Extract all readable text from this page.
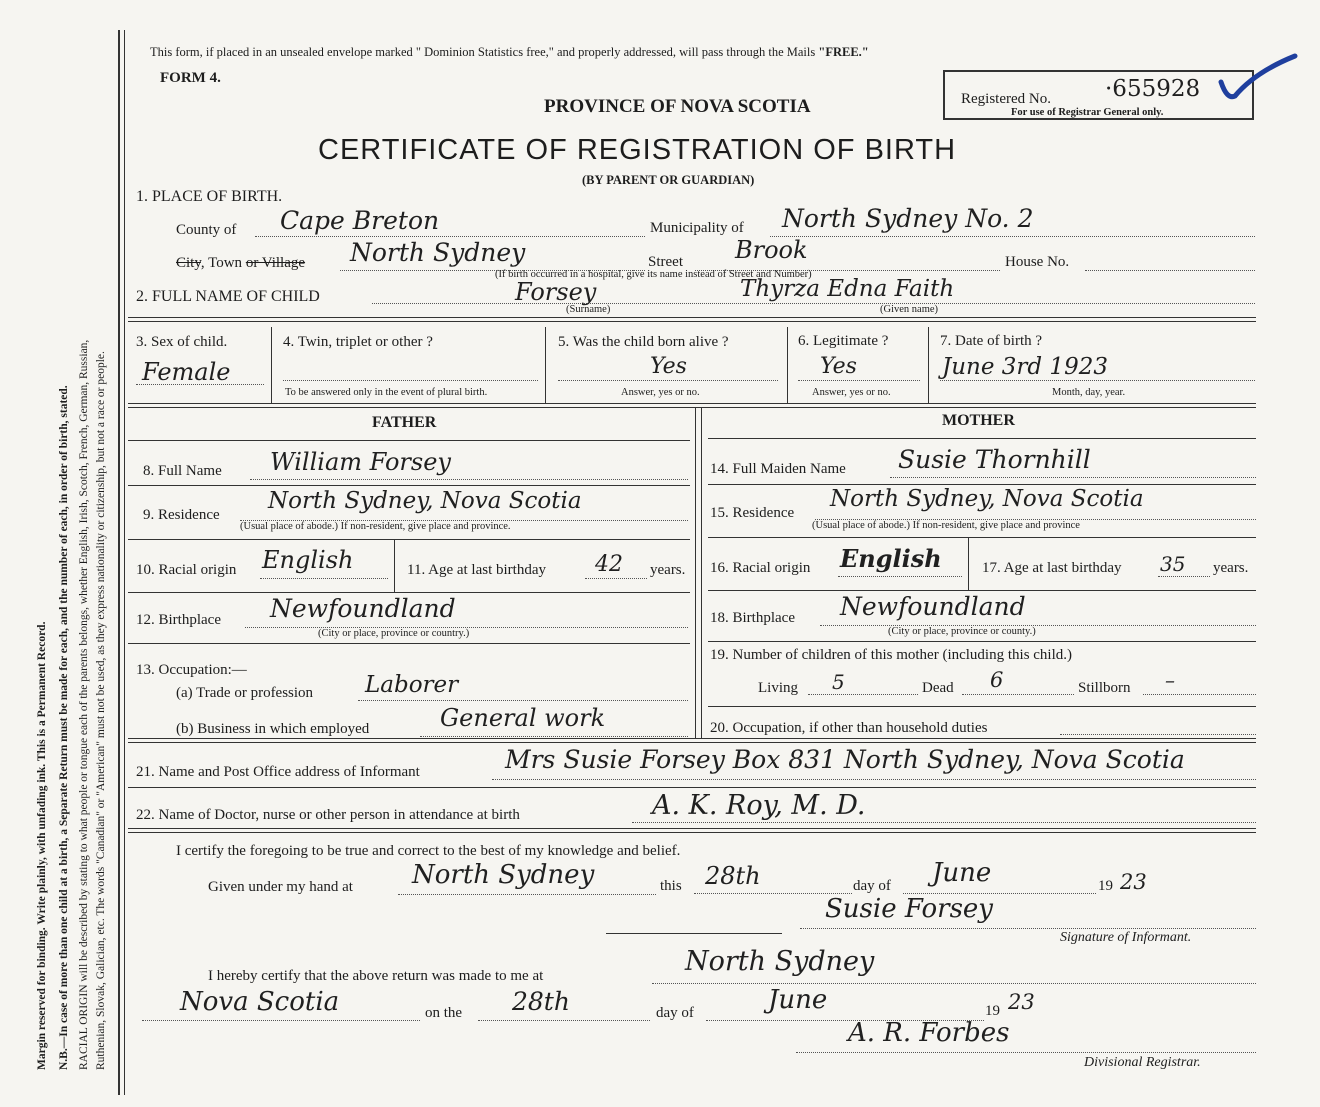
Margin reserved for binding. Write plainly, with unfading ink. This is a Permanent Record. N.B.—In case of more than one child at a birth, a Separate Return must be made for each, and the number of each, in order of birth, stated. RACIAL ORIGIN will be described by stating to what people or tongue each of the parents belongs, whether English, Irish, Scotch, French, German, Russian, Ruthenian, Slovak, Galician, etc. The words "Canadian" or "American" must not be used, as they express nationality or citizenship, but not a race or people.
This form, if placed in an unsealed envelope marked " Dominion Statistics free," and properly addressed, will pass through the Mails "FREE."
FORM 4.
PROVINCE OF NOVA SCOTIA
CERTIFICATE OF REGISTRATION OF BIRTH
(BY PARENT OR GUARDIAN)
Registered No. ·655928
For use of Registrar General only.
1. PLACE OF BIRTH.
County of Cape Breton	Municipality of North Sydney No. 2
City, Town or Village North Sydney	Street Brook	House No.
(If birth occurred in a hospital, give its name instead of Street and Number)
2. FULL NAME OF CHILD	Forsey
(Surname)
Thyrza Edna Faith
(Given name)
3. Sex of child.
Female
4. Twin, triplet or other ?
To be answered only in the event of plural birth.
5. Was the child born alive ?
Yes
Answer, yes or no.
6. Legitimate ?
Yes
Answer, yes or no.
7. Date of birth ?
June 3rd 1923
Month, day, year.
FATHER	MOTHER
8. Full Name William Forsey
9. Residence
North Sydney, Nova Scotia
(Usual place of abode.) If non-resident, give place and province.
10. Racial origin English	11. Age at last birthday 42 years.
12. Birthplace Newfoundland
(City or place, province or country.)
13. Occupation:—
(a) Trade or profession Laborer
(b) Business in which employed	General work
14. Full Maiden Name Susie Thornhill
15. Residence
North Sydney, Nova Scotia
(Usual place of abode.) If non-resident, give place and province
16. Racial origin English	17. Age at last birthday 35 years.
18. Birthplace Newfoundland
(City or place, province or county.)
19. Number of children of this mother (including this child.)
Living 5	Dead 6	Stillborn –
20. Occupation, if other than household duties
21. Name and Post Office address of Informant	Mrs Susie Forsey Box 831 North Sydney, Nova Scotia
22. Name of Doctor, nurse or other person in attendance at birth	A. K. Roy, M. D.
I certify the foregoing to be true and correct to the best of my knowledge and belief.
Given under my hand at North Sydney	this 28th	day of June	19 23
Susie Forsey
Signature of Informant.
I hereby certify that the above return was made to me at	North Sydney
Nova Scotia	on the 28th	day of	June	19 23
A. R. Forbes
Divisional Registrar.
